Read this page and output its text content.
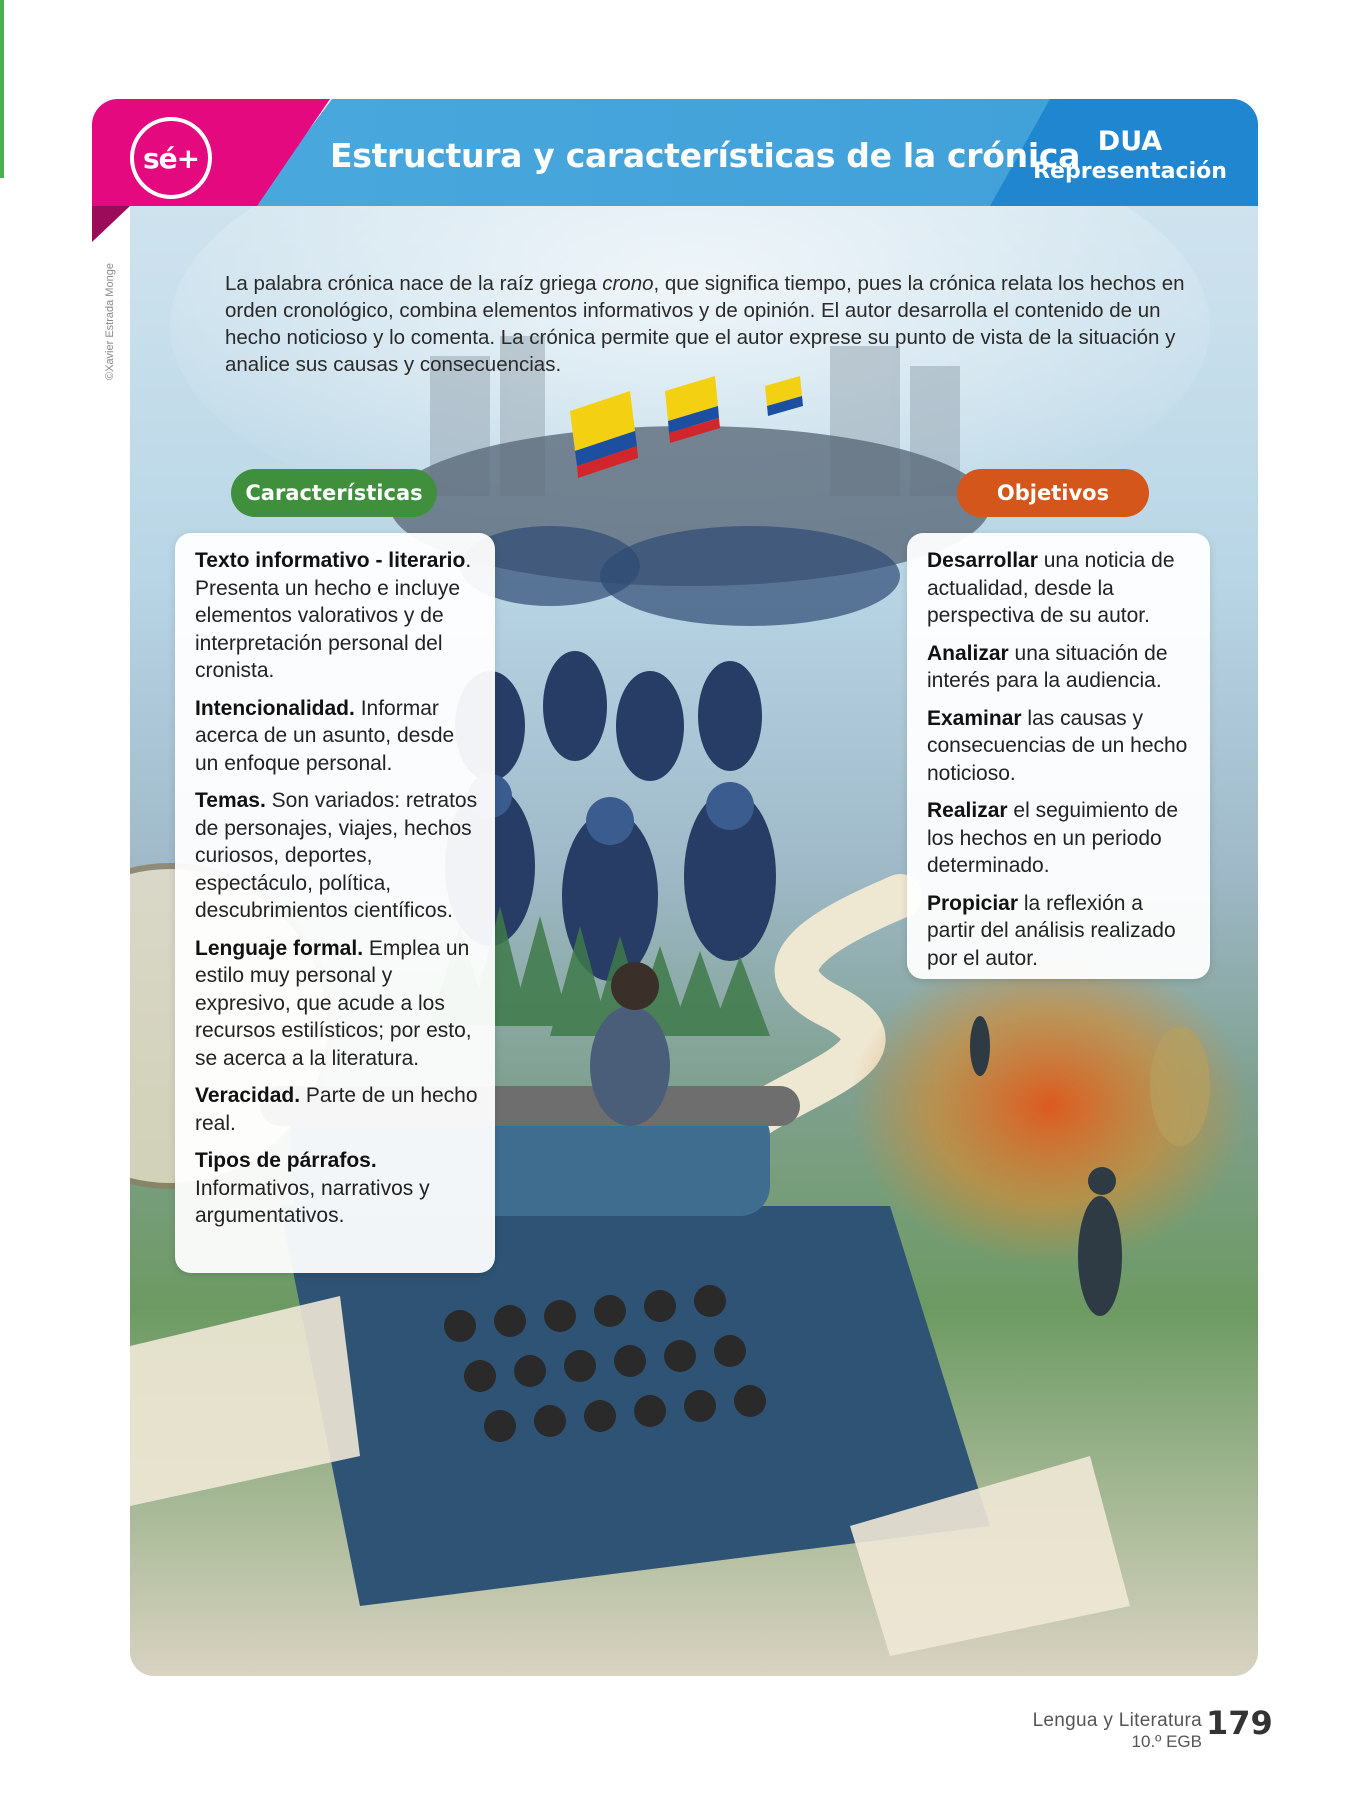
sé+	Estructura y características de la crónica DUA
Representación
©Xavier Estrada Monge	La palabra crónica nace de la raíz griega crono, que significa tiempo, pues la crónica relata los hechos en orden cronológico, combina elementos informativos y de opinión. El autor desarrolla el contenido de un hecho noticioso y lo comenta. La crónica permite que el autor exprese su punto de vista de la situación y analice sus causas y consecuencias.

Características	Objetivos

Texto informativo - literario. Presenta un hecho e incluye elementos valorativos y de interpretación personal del cronista.

Intencionalidad. Informar acerca de un asunto, desde un enfoque personal.

Temas. Son variados: retratos de personajes, viajes, hechos curiosos, deportes, espectáculo, política, descubrimientos científicos.

Lenguaje formal. Emplea un estilo muy personal y expresivo, que acude a los recursos estilísticos; por esto, se acerca a la literatura.

Veracidad. Parte de un hecho real.

Tipos de párrafos. Informativos, narrativos y argumentativos.

Desarrollar una noticia de actualidad, desde la perspectiva de su autor.

Analizar una situación de interés para la audiencia.

Examinar las causas y consecuencias de un hecho noticioso.

Realizar el seguimiento de los hechos en un periodo determinado.

Propiciar la reflexión a partir del análisis realizado por el autor.

Lengua y Literatura
10.º EGB 179
